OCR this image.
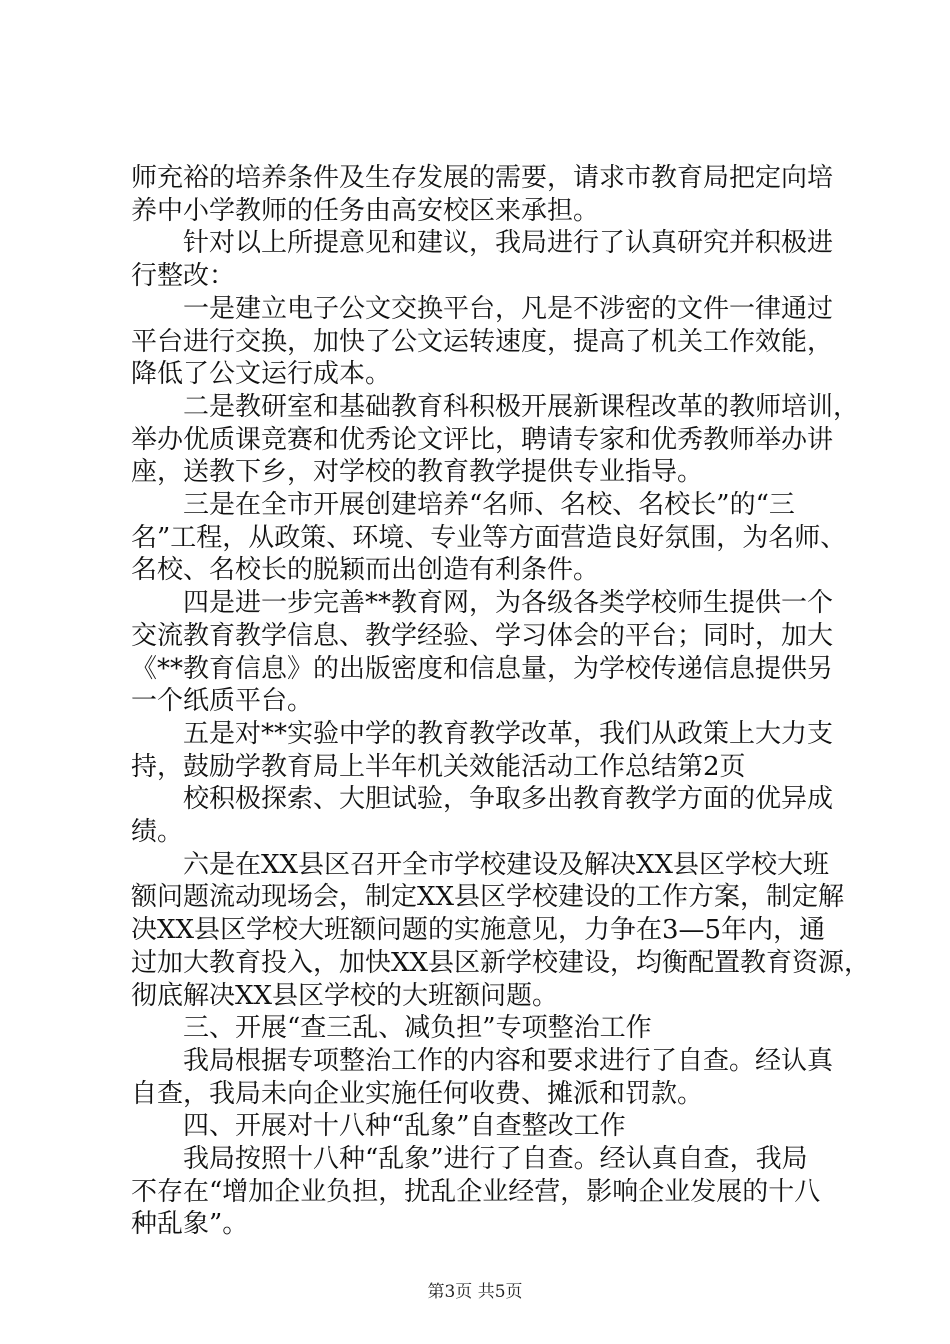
师充裕的培养条件及生存发展的需要，请求市教育局把定向培
养中小学教师的任务由高安校区来承担。
针对以上所提意见和建议，我局进行了认真研究并积极进
行整改：
一是建立电子公文交换平台，凡是不涉密的文件一律通过
平台进行交换，加快了公文运转速度，提高了机关工作效能，
降低了公文运行成本。
二是教研室和基础教育科积极开展新课程改革的教师培训，
举办优质课竞赛和优秀论文评比，聘请专家和优秀教师举办讲
座，送教下乡，对学校的教育教学提供专业指导。
三是在全市开展创建培养“名师、名校、名校长”的“三
名”工程，从政策、环境、专业等方面营造良好氛围，为名师、
名校、名校长的脱颖而出创造有利条件。
四是进一步完善**教育网，为各级各类学校师生提供一个
交流教育教学信息、教学经验、学习体会的平台；同时，加大
《**教育信息》的出版密度和信息量，为学校传递信息提供另
一个纸质平台。
五是对**实验中学的教育教学改革，我们从政策上大力支
持，鼓励学教育局上半年机关效能活动工作总结第2页
校积极探索、大胆试验，争取多出教育教学方面的优异成
绩。
六是在XX县区召开全市学校建设及解决XX县区学校大班
额问题流动现场会，制定XX县区学校建设的工作方案，制定解
决XX县区学校大班额问题的实施意见，力争在3—5年内，通
过加大教育投入，加快XX县区新学校建设，均衡配置教育资源，
彻底解决XX县区学校的大班额问题。
三、开展“查三乱、减负担”专项整治工作
我局根据专项整治工作的内容和要求进行了自查。经认真
自查，我局未向企业实施任何收费、摊派和罚款。
四、开展对十八种“乱象”自查整改工作
我局按照十八种“乱象”进行了自查。经认真自查，我局
不存在“增加企业负担，扰乱企业经营，影响企业发展的十八
种乱象”。
第3页 共5页
